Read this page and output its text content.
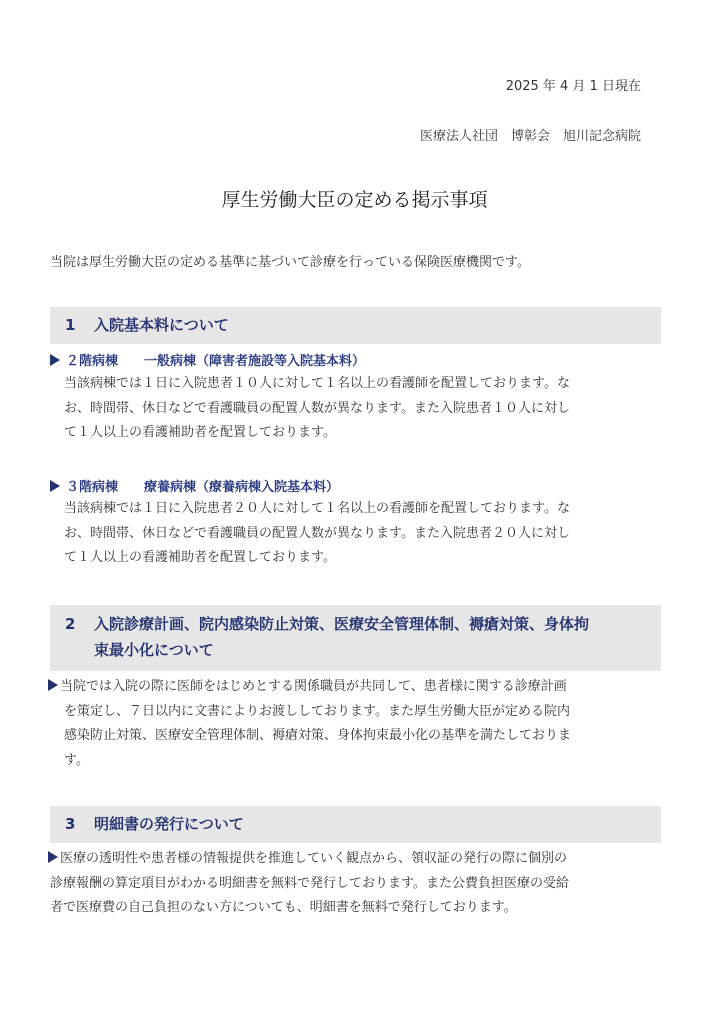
2025 年 4 月 1 日現在
医療法人社団　博彰会　旭川記念病院
厚生労働大臣の定める掲示事項
当院は厚生労働大臣の定める基準に基づいて診療を行っている保険医療機関です。
1 入院基本料について
２階病棟　　一般病棟（障害者施設等入院基本料）
当該病棟では１日に入院患者１０人に対して１名以上の看護師を配置しております。な
お、時間帯、休日などで看護職員の配置人数が異なります。また入院患者１０人に対し
て１人以上の看護補助者を配置しております。
３階病棟　　療養病棟（療養病棟入院基本料）
当該病棟では１日に入院患者２０人に対して１名以上の看護師を配置しております。な
お、時間帯、休日などで看護職員の配置人数が異なります。また入院患者２０人に対し
て１人以上の看護補助者を配置しております。
2	入院診療計画、院内感染防止対策、医療安全管理体制、褥瘡対策、身体拘
束最小化について
当院では入院の際に医師をはじめとする関係職員が共同して、患者様に関する診療計画
を策定し、７日以内に文書によりお渡ししております。また厚生労働大臣が定める院内
感染防止対策、医療安全管理体制、褥瘡対策、身体拘束最小化の基準を満たしておりま
す。
3 明細書の発行について
医療の透明性や患者様の情報提供を推進していく観点から、領収証の発行の際に個別の
診療報酬の算定項目がわかる明細書を無料で発行しております。また公費負担医療の受給
者で医療費の自己負担のない方についても、明細書を無料で発行しております。
